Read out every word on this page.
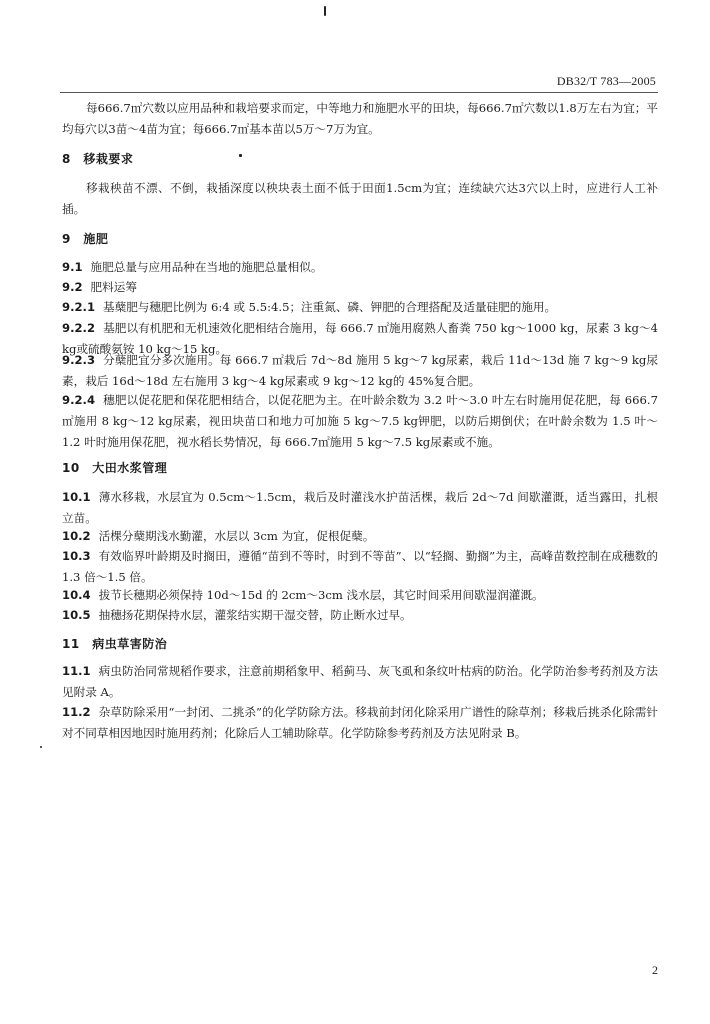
DB32/T 783—2005
每666.7㎡穴数以应用品种和栽培要求而定，中等地力和施肥水平的田块，每666.7㎡穴数以1.8万左右为宜；平均每穴以3苗～4苗为宜；每666.7㎡基本苗以5万～7万为宜。
8　移栽要求
移栽秧苗不漂、不倒，栽插深度以秧块表土面不低于田面1.5cm为宜；连续缺穴达3穴以上时，应进行人工补插。
9　施肥
9.1 施肥总量与应用品种在当地的施肥总量相似。
9.2 肥料运筹
9.2.1 基蘖肥与穗肥比例为 6:4 或 5.5:4.5；注重氮、磷、钾肥的合理搭配及适量硅肥的施用。
9.2.2 基肥以有机肥和无机速效化肥相结合施用，每 666.7 ㎡施用腐熟人畜粪 750 kg～1000 kg，尿素 3 kg～4 kg或硫酸氨铵 10 kg～15 kg。
9.2.3 分蘖肥宜分多次施用。每 666.7 ㎡栽后 7d～8d 施用 5 kg～7 kg尿素，栽后 11d～13d 施 7 kg～9 kg尿素，栽后 16d～18d 左右施用 3 kg～4 kg尿素或 9 kg～12 kg的 45%复合肥。
9.2.4 穗肥以促花肥和保花肥相结合，以促花肥为主。在叶龄余数为 3.2 叶～3.0 叶左右时施用促花肥，每 666.7 ㎡施用 8 kg～12 kg尿素，视田块苗口和地力可加施 5 kg～7.5 kg钾肥，以防后期倒伏；在叶龄余数为 1.5 叶～1.2 叶时施用保花肥，视水稻长势情况，每 666.7㎡施用 5 kg～7.5 kg尿素或不施。
10　大田水浆管理
10.1 薄水移栽，水层宜为 0.5cm～1.5cm，栽后及时灌浅水护苗活棵，栽后 2d～7d 间歇灌溉，适当露田，扎根立苗。
10.2 活棵分蘖期浅水勤灌，水层以 3cm 为宜，促根促蘖。
10.3 有效临界叶龄期及时搁田，遵循“苗到不等时，时到不等苗”、以“轻搁、勤搁”为主，高峰苗数控制在成穗数的 1.3 倍～1.5 倍。
10.4 拔节长穗期必须保持 10d～15d 的 2cm～3cm 浅水层，其它时间采用间歇湿润灌溉。
10.5 抽穗扬花期保持水层，灌浆结实期干湿交替，防止断水过早。
11　病虫草害防治
11.1 病虫防治同常规稻作要求，注意前期稻象甲、稻蓟马、灰飞虱和条纹叶枯病的防治。化学防治参考药剂及方法见附录 A。
11.2 杂草防除采用“一封闭、二挑杀”的化学防除方法。移栽前封闭化除采用广谱性的除草剂；移栽后挑杀化除需针对不同草相因地因时施用药剂；化除后人工辅助除草。化学防除参考药剂及方法见附录 B。
2
